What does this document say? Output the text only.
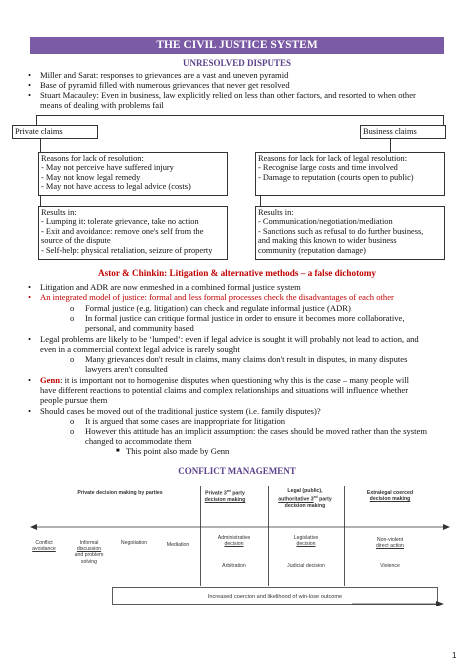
THE CIVIL JUSTICE SYSTEM
UNRESOLVED DISPUTES
• Miller and Sarat: responses to grievances are a vast and uneven pyramid
• Base of pyramid filled with numerous grievances that never get resolved
• Stuart Macauley: Even in business, law explicitly relied on less than other factors, and resorted to when other
means of dealing with problems fail
Private claims	Business claims
Reasons for lack of resolution:
- May not perceive have suffered injury
- May not know legal remedy
- May not have access to legal advice (costs)
Reasons for lack for lack of legal resolution:
- Recognise large costs and time involved
- Damage to reputation (courts open to public)
Results in:
- Lumping it: tolerate grievance, take no action
- Exit and avoidance: remove one's self from the
source of the dispute
- Self-help: physical retaliation, seizure of property
Results in:
- Communication/negotiation/mediation
- Sanctions such as refusal to do further business,
and making this known to wider business
community (reputation damage)
Astor & Chinkin: Litigation & alternative methods – a false dichotomy
• Litigation and ADR are now enmeshed in a combined formal justice system
• An integrated model of justice: formal and less formal processes check the disadvantages of each other
o Formal justice (e.g. litigation) can check and regulate informal justice (ADR)
o In formal justice can critique formal justice in order to ensure it becomes more collaborative,
personal, and community based
• Legal problems are likely to be ‘lumped’: even if legal advice is sought it will probably not lead to action, and
even in a commercial context legal advice is rarely sought
o Many grievances don't result in claims, many claims don't result in disputes, in many disputes
lawyers aren't consulted
• Genn: it is important not to homogenise disputes when questioning why this is the case – many people will
have different reactions to potential claims and complex relationships and situations will influence whether
people pursue them
• Should cases be moved out of the traditional justice system (i.e. family disputes)?
o It is argued that some cases are inappropriate for litigation
o However this attitude has an implicit assumption: the cases should be moved rather than the system
changed to accommodate them
■ This point also made by Genn
CONFLICT MANAGEMENT
Private decision making by parties	Private 3rd party
decision making
Legal (public),
authoritative 3rd party
decision making
Extralegal coerced
decision making
Conflict
avoidance
Informal
discussion
and problem
solving
Negotiation	Mediation
Administrative
decision
Arbitration
Legislative
decision
Judicial decision
Non-violent
direct action
Violence
Increased coercion and likelihood of win-lose outcome
1
